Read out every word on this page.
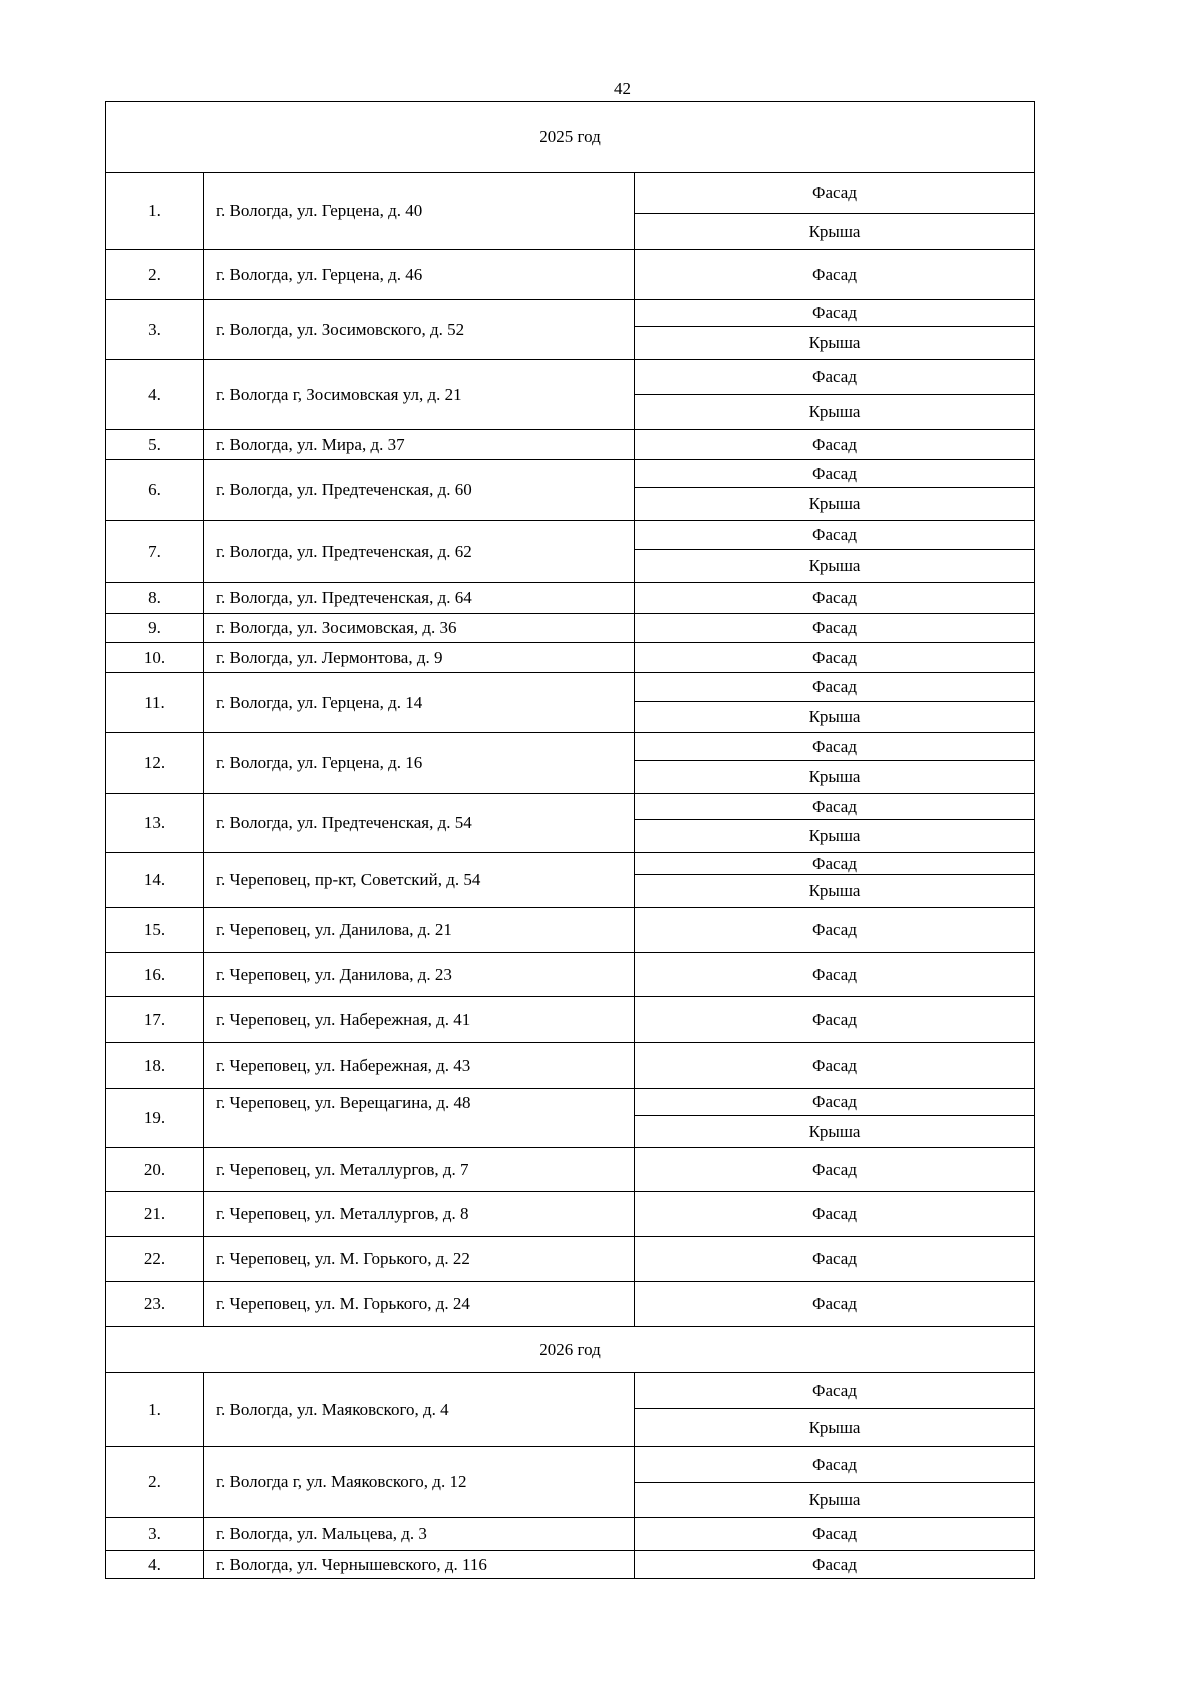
42
2025 год		
1.	г. Вологда, ул. Герцена, д. 40	Фасад
		Крыша
2.	г. Вологда, ул. Герцена, д. 46	Фасад
3.	г. Вологда, ул. Зосимовского, д. 52	Фасад
		Крыша
4.	г. Вологда г, Зосимовская ул, д. 21	Фасад
		Крыша
5.	г. Вологда, ул. Мира, д. 37	Фасад
6.	г. Вологда, ул. Предтеченская, д. 60	Фасад
		Крыша
7.	г. Вологда, ул. Предтеченская, д. 62	Фасад
		Крыша
8.	г. Вологда, ул. Предтеченская, д. 64	Фасад
9.	г. Вологда, ул. Зосимовская, д. 36	Фасад
10.	г. Вологда, ул. Лермонтова, д. 9	Фасад
11.	г. Вологда, ул. Герцена, д. 14	Фасад
		Крыша
12.	г. Вологда, ул. Герцена, д. 16	Фасад
		Крыша
13.	г. Вологда, ул. Предтеченская, д. 54	Фасад
		Крыша
14.	г. Череповец, пр-кт, Советский, д. 54	Фасад
		Крыша
15.	г. Череповец, ул. Данилова, д. 21	Фасад
16.	г. Череповец, ул. Данилова, д. 23	Фасад
17.	г. Череповец, ул. Набережная, д. 41	Фасад
18.	г. Череповец, ул. Набережная, д. 43	Фасад
19.	г. Череповец, ул. Верещагина, д. 48	Фасад
		Крыша
20.	г. Череповец, ул. Металлургов, д. 7	Фасад
21.	г. Череповец, ул. Металлургов, д. 8	Фасад
22.	г. Череповец, ул. М. Горького, д. 22	Фасад
23.	г. Череповец, ул. М. Горького, д. 24	Фасад
2026 год		
1.	г. Вологда, ул. Маяковского, д. 4	Фасад
		Крыша
2.	г. Вологда г, ул. Маяковского, д. 12	Фасад
		Крыша
3.	г. Вологда, ул. Мальцева, д. 3	Фасад
4.	г. Вологда, ул. Чернышевского, д. 116	Фасад
